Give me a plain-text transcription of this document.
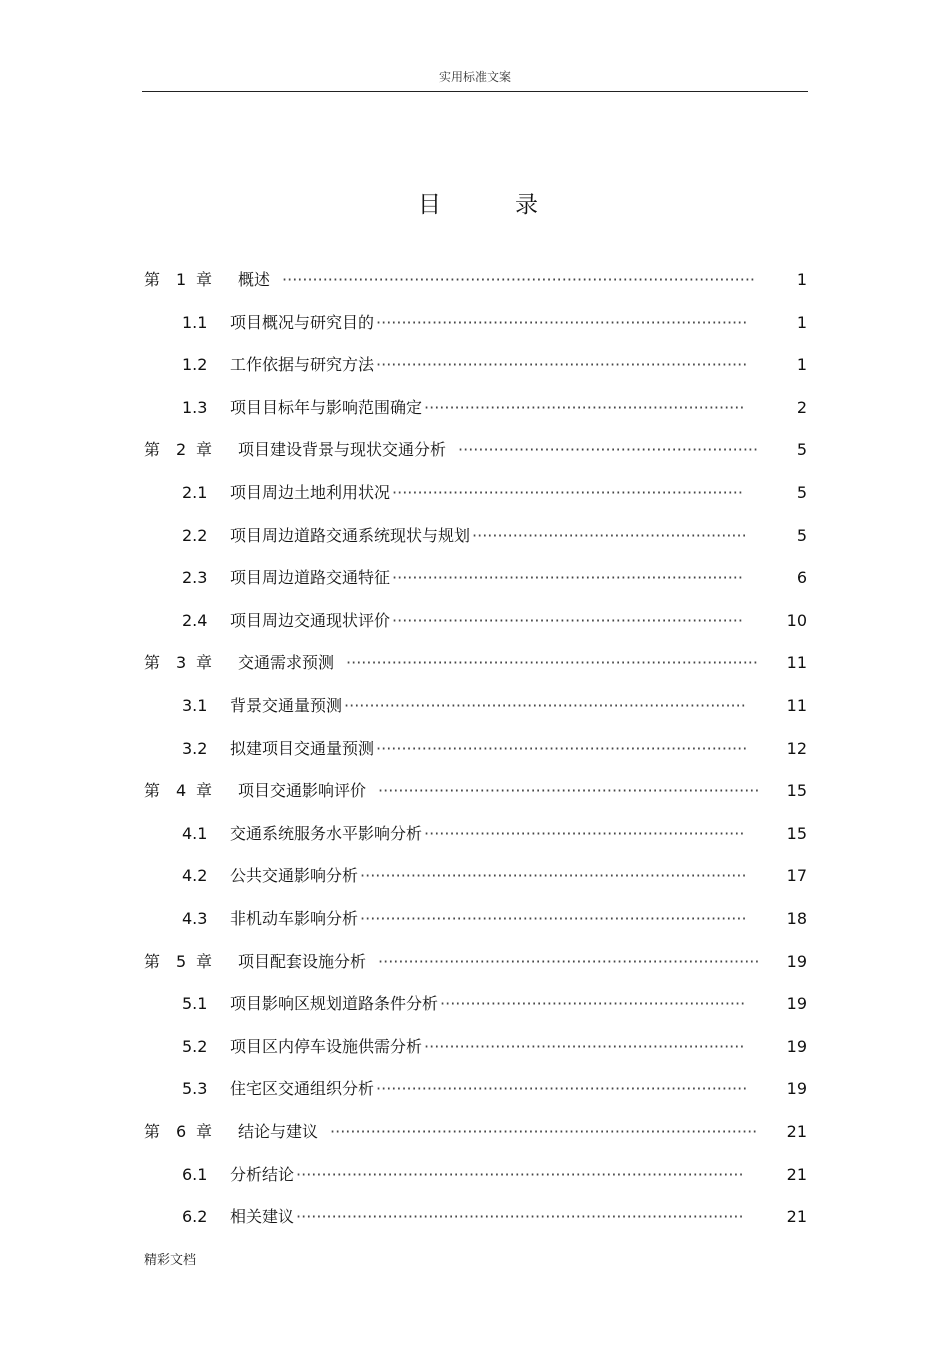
实用标准文案
目	录
第 1 章 概述 ·····························································································	1
1.1 项目概况与研究目的 ·········································································	1
1.2 工作依据与研究方法 ·········································································	1
1.3 项目目标年与影响范围确定 ·······························································	2
第 2 章 项目建设背景与现状交通分析 ··························································· 5
2.1 项目周边土地利用状况 ·····································································	5
2.2 项目周边道路交通系统现状与规划 ······················································	5
2.3 项目周边道路交通特征 ·····································································	6
2.4 项目周边交通现状评价 ·····································································	10
第 3 章 交通需求预测 ················································································· 11
3.1 背景交通量预测 ···············································································	11
3.2 拟建项目交通量预测 ········································································· 12
第 4 章 项目交通影响评价 ··········································································· 15
4.1 交通系统服务水平影响分析 ·······························································	15
4.2 公共交通影响分析 ············································································	17
4.3 非机动车影响分析 ············································································	18
第 5 章 项目配套设施分析 ··········································································· 19
5.1 项目影响区规划道路条件分析 ····························································	19
5.2 项目区内停车设施供需分析 ·······························································	19
5.3 住宅区交通组织分析 ········································································· 19
第 6 章 结论与建议 ···················································································· 21
6.1 分析结论 ························································································	21
6.2 相关建议 ························································································	21
精彩文档
